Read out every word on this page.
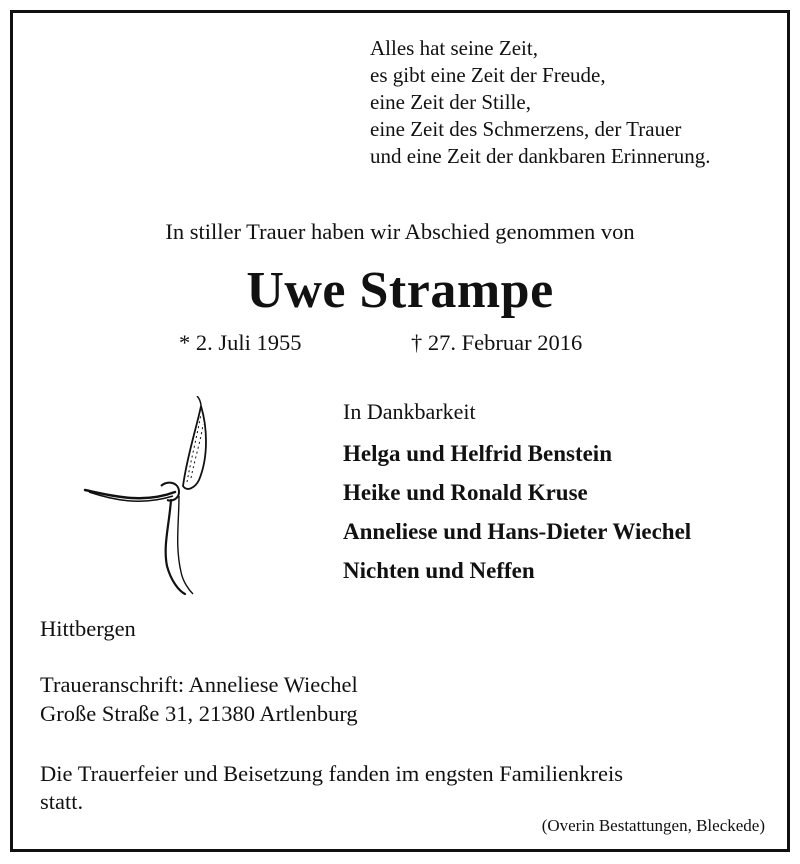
Alles hat seine Zeit,
es gibt eine Zeit der Freude,
eine Zeit der Stille,
eine Zeit des Schmerzens, der Trauer
und eine Zeit der dankbaren Erinnerung.
In stiller Trauer haben wir Abschied genommen von
Uwe Strampe
* 2. Juli 1955	† 27. Februar 2016
In Dankbarkeit
Helga und Helfrid Benstein
Heike und Ronald Kruse
Anneliese und Hans-Dieter Wiechel
Nichten und Neffen
Hittbergen
Traueranschrift: Anneliese Wiechel
Große Straße 31, 21380 Artlenburg
Die Trauerfeier und Beisetzung fanden im engsten Familienkreis
statt.
(Overin Bestattungen, Bleckede)
